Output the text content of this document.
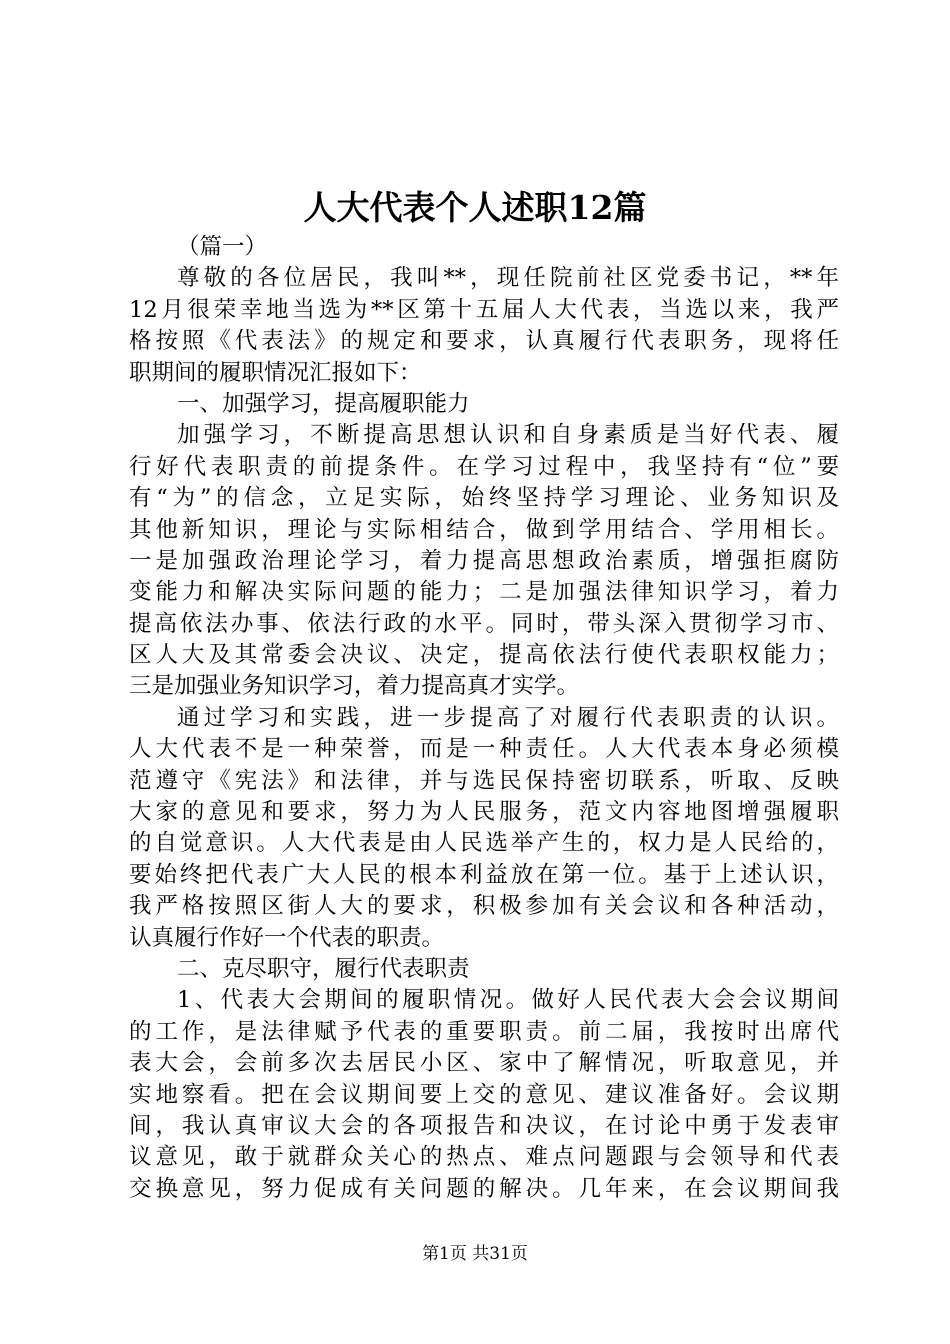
人大代表个人述职12篇
（篇一）
尊敬的各位居民，我叫**，现任院前社区党委书记，**年
12月很荣幸地当选为**区第十五届人大代表，当选以来，我严
格按照《代表法》的规定和要求，认真履行代表职务，现将任
职期间的履职情况汇报如下：
一、加强学习，提高履职能力
加强学习，不断提高思想认识和自身素质是当好代表、履
行好代表职责的前提条件。在学习过程中，我坚持有“位”要
有“为”的信念，立足实际，始终坚持学习理论、业务知识及
其他新知识，理论与实际相结合，做到学用结合、学用相长。
一是加强政治理论学习，着力提高思想政治素质，增强拒腐防
变能力和解决实际问题的能力；二是加强法律知识学习，着力
提高依法办事、依法行政的水平。同时，带头深入贯彻学习市、
区人大及其常委会决议、决定，提高依法行使代表职权能力；
三是加强业务知识学习，着力提高真才实学。
通过学习和实践，进一步提高了对履行代表职责的认识。
人大代表不是一种荣誉，而是一种责任。人大代表本身必须模
范遵守《宪法》和法律，并与选民保持密切联系，听取、反映
大家的意见和要求，努力为人民服务，范文内容地图增强履职
的自觉意识。人大代表是由人民选举产生的，权力是人民给的，
要始终把代表广大人民的根本利益放在第一位。基于上述认识，
我严格按照区街人大的要求，积极参加有关会议和各种活动，
认真履行作好一个代表的职责。
二、克尽职守，履行代表职责
1、代表大会期间的履职情况。做好人民代表大会会议期间
的工作，是法律赋予代表的重要职责。前二届，我按时出席代
表大会，会前多次去居民小区、家中了解情况，听取意见，并
实地察看。把在会议期间要上交的意见、建议准备好。会议期
间，我认真审议大会的各项报告和决议，在讨论中勇于发表审
议意见，敢于就群众关心的热点、难点问题跟与会领导和代表
交换意见，努力促成有关问题的解决。几年来，在会议期间我
第1页 共31页
